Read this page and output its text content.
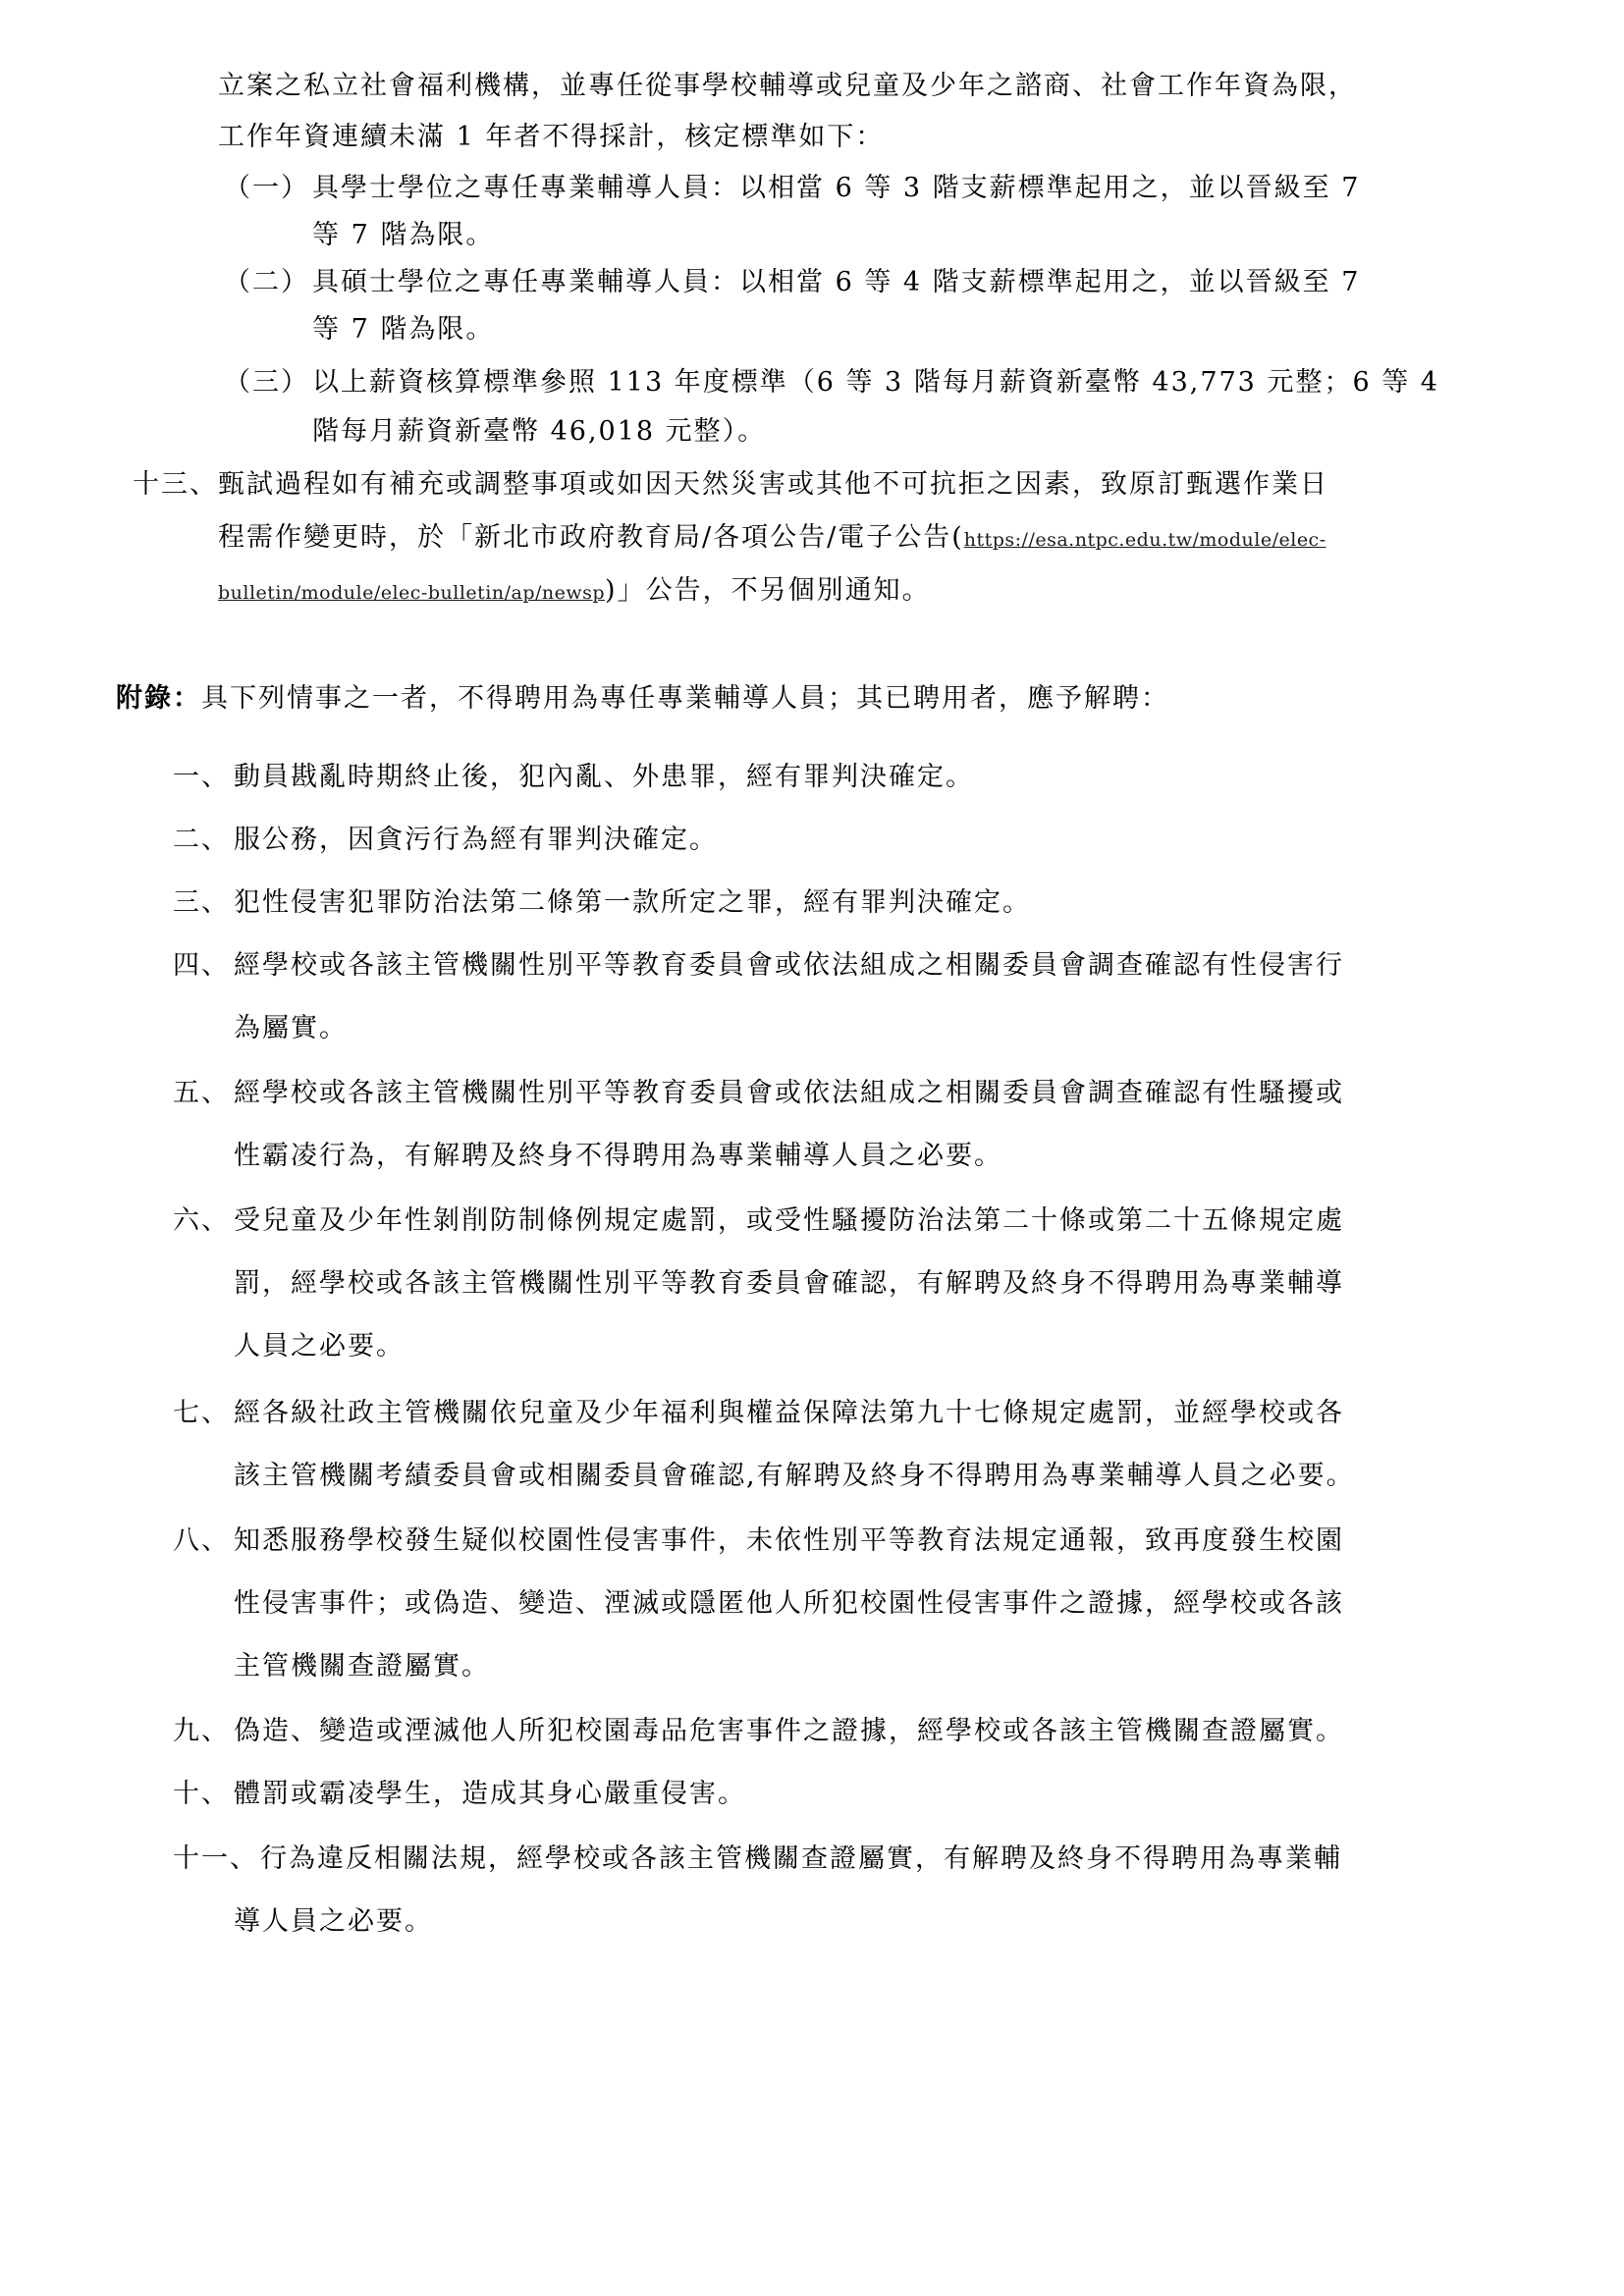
立案之私立社會福利機構，並專任從事學校輔導或兒童及少年之諮商、社會工作年資為限，
工作年資連續未滿 1 年者不得採計，核定標準如下：
（一） 具學士學位之專任專業輔導人員：以相當 6 等 3 階支薪標準起用之，並以晉級至 7
等 7 階為限。
（二） 具碩士學位之專任專業輔導人員：以相當 6 等 4 階支薪標準起用之，並以晉級至 7
等 7 階為限。
（三） 以上薪資核算標準參照 113 年度標準（6 等 3 階每月薪資新臺幣 43,773 元整；6 等 4
階每月薪資新臺幣 46,018 元整）。
十三、 甄試過程如有補充或調整事項或如因天然災害或其他不可抗拒之因素，致原訂甄選作業日
程需作變更時，於「新北市政府教育局/各項公告/電子公告(https://esa.ntpc.edu.tw/module/elec-
bulletin/module/elec-bulletin/ap/newsp)」公告，不另個別通知。
附錄：具下列情事之一者，不得聘用為專任專業輔導人員；其已聘用者，應予解聘：
一、 動員戡亂時期終止後，犯內亂、外患罪，經有罪判決確定。
二、 服公務，因貪污行為經有罪判決確定。
三、 犯性侵害犯罪防治法第二條第一款所定之罪，經有罪判決確定。
四、 經學校或各該主管機關性別平等教育委員會或依法組成之相關委員會調查確認有性侵害行
為屬實。
五、 經學校或各該主管機關性別平等教育委員會或依法組成之相關委員會調查確認有性騷擾或
性霸凌行為，有解聘及終身不得聘用為專業輔導人員之必要。
六、 受兒童及少年性剝削防制條例規定處罰，或受性騷擾防治法第二十條或第二十五條規定處
罰，經學校或各該主管機關性別平等教育委員會確認，有解聘及終身不得聘用為專業輔導
人員之必要。
七、 經各級社政主管機關依兒童及少年福利與權益保障法第九十七條規定處罰，並經學校或各
該主管機關考績委員會或相關委員會確認,有解聘及終身不得聘用為專業輔導人員之必要。
八、 知悉服務學校發生疑似校園性侵害事件，未依性別平等教育法規定通報，致再度發生校園
性侵害事件；或偽造、變造、湮滅或隱匿他人所犯校園性侵害事件之證據，經學校或各該
主管機關查證屬實。
九、 偽造、變造或湮滅他人所犯校園毒品危害事件之證據，經學校或各該主管機關查證屬實。
十、 體罰或霸凌學生，造成其身心嚴重侵害。
十一、 行為違反相關法規，經學校或各該主管機關查證屬實，有解聘及終身不得聘用為專業輔
導人員之必要。
